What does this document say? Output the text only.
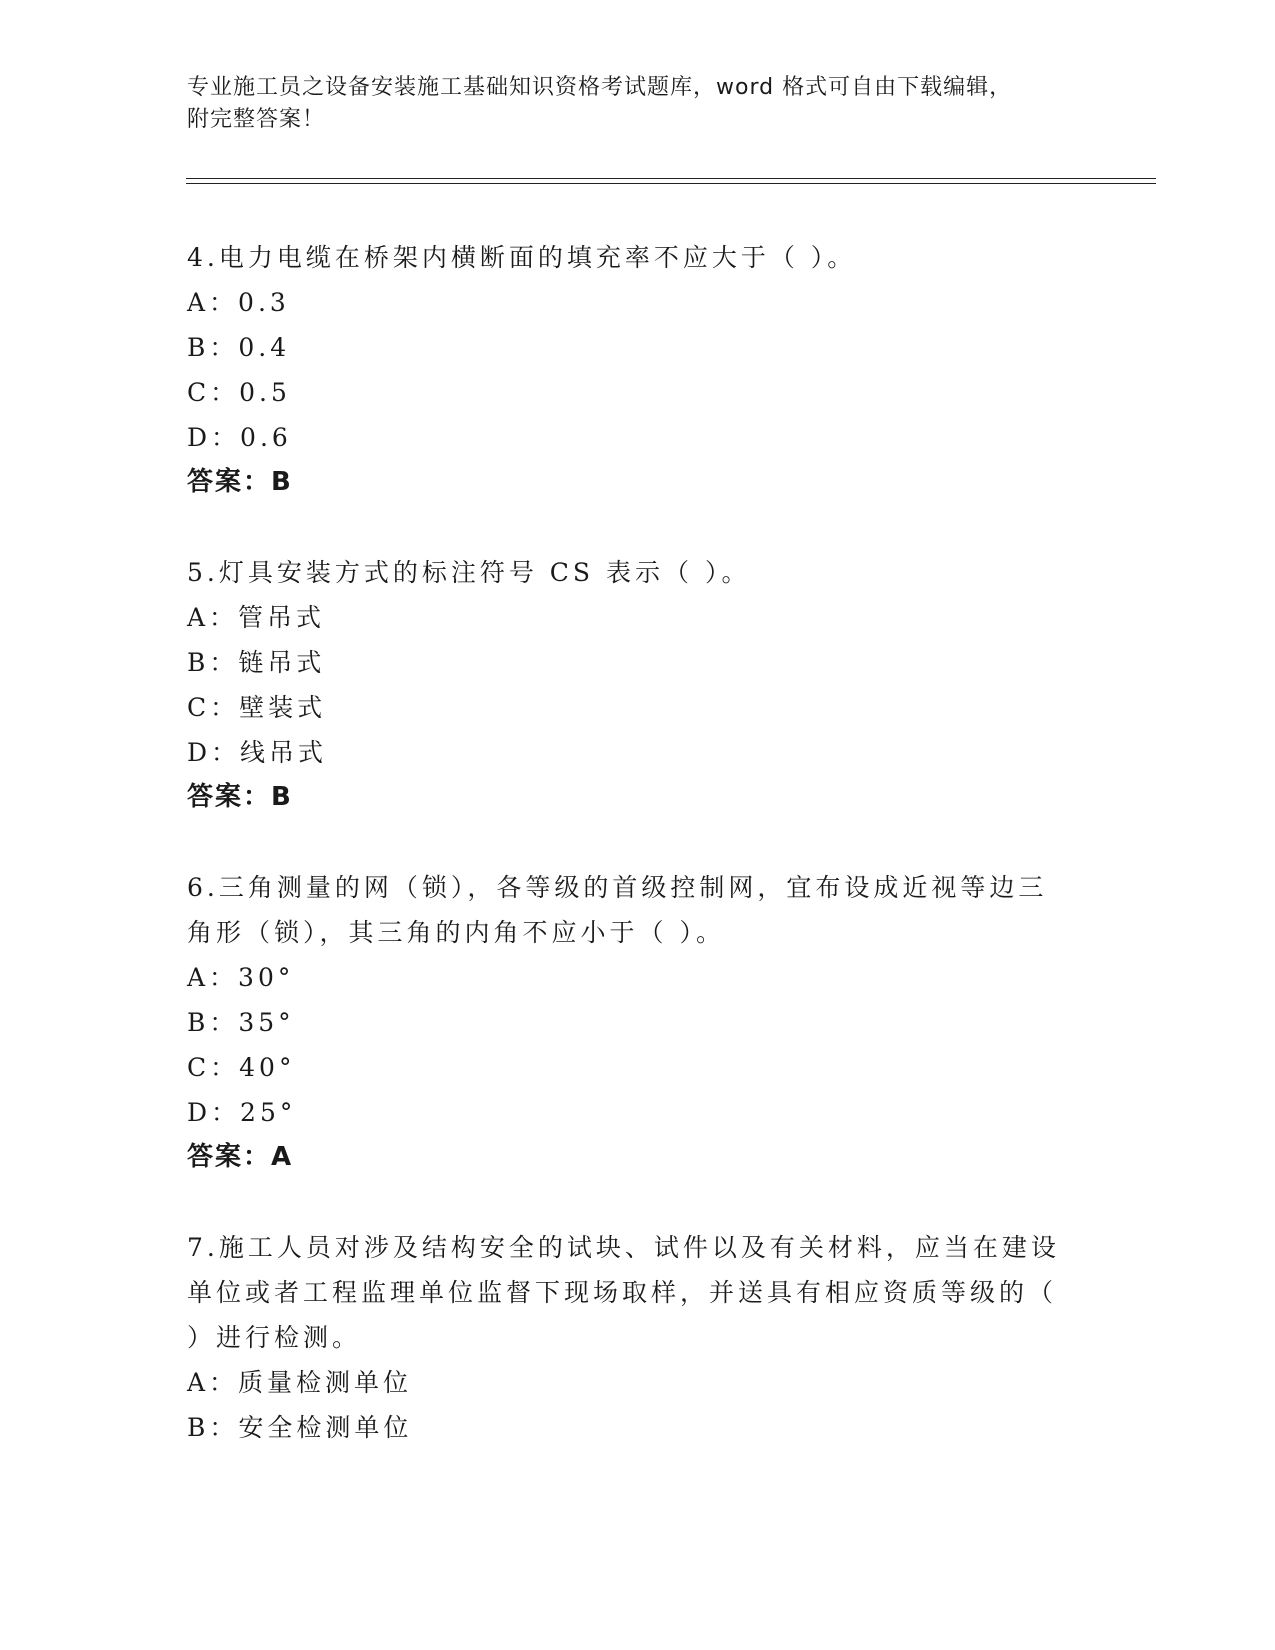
专业施工员之设备安装施工基础知识资格考试题库，word 格式可自由下载编辑，
附完整答案！
4.电力电缆在桥架内横断面的填充率不应大于（ ）。
A：0.3
B：0.4
C：0.5
D：0.6
答案：B
5.灯具安装方式的标注符号 CS 表示（ ）。
A：管吊式
B：链吊式
C：壁装式
D：线吊式
答案：B
6.三角测量的网（锁），各等级的首级控制网，宜布设成近视等边三
角形（锁），其三角的内角不应小于（ ）。
A：30°
B：35°
C：40°
D：25°
答案：A
7.施工人员对涉及结构安全的试块、试件以及有关材料，应当在建设
单位或者工程监理单位监督下现场取样，并送具有相应资质等级的（
）进行检测。
A：质量检测单位
B：安全检测单位
